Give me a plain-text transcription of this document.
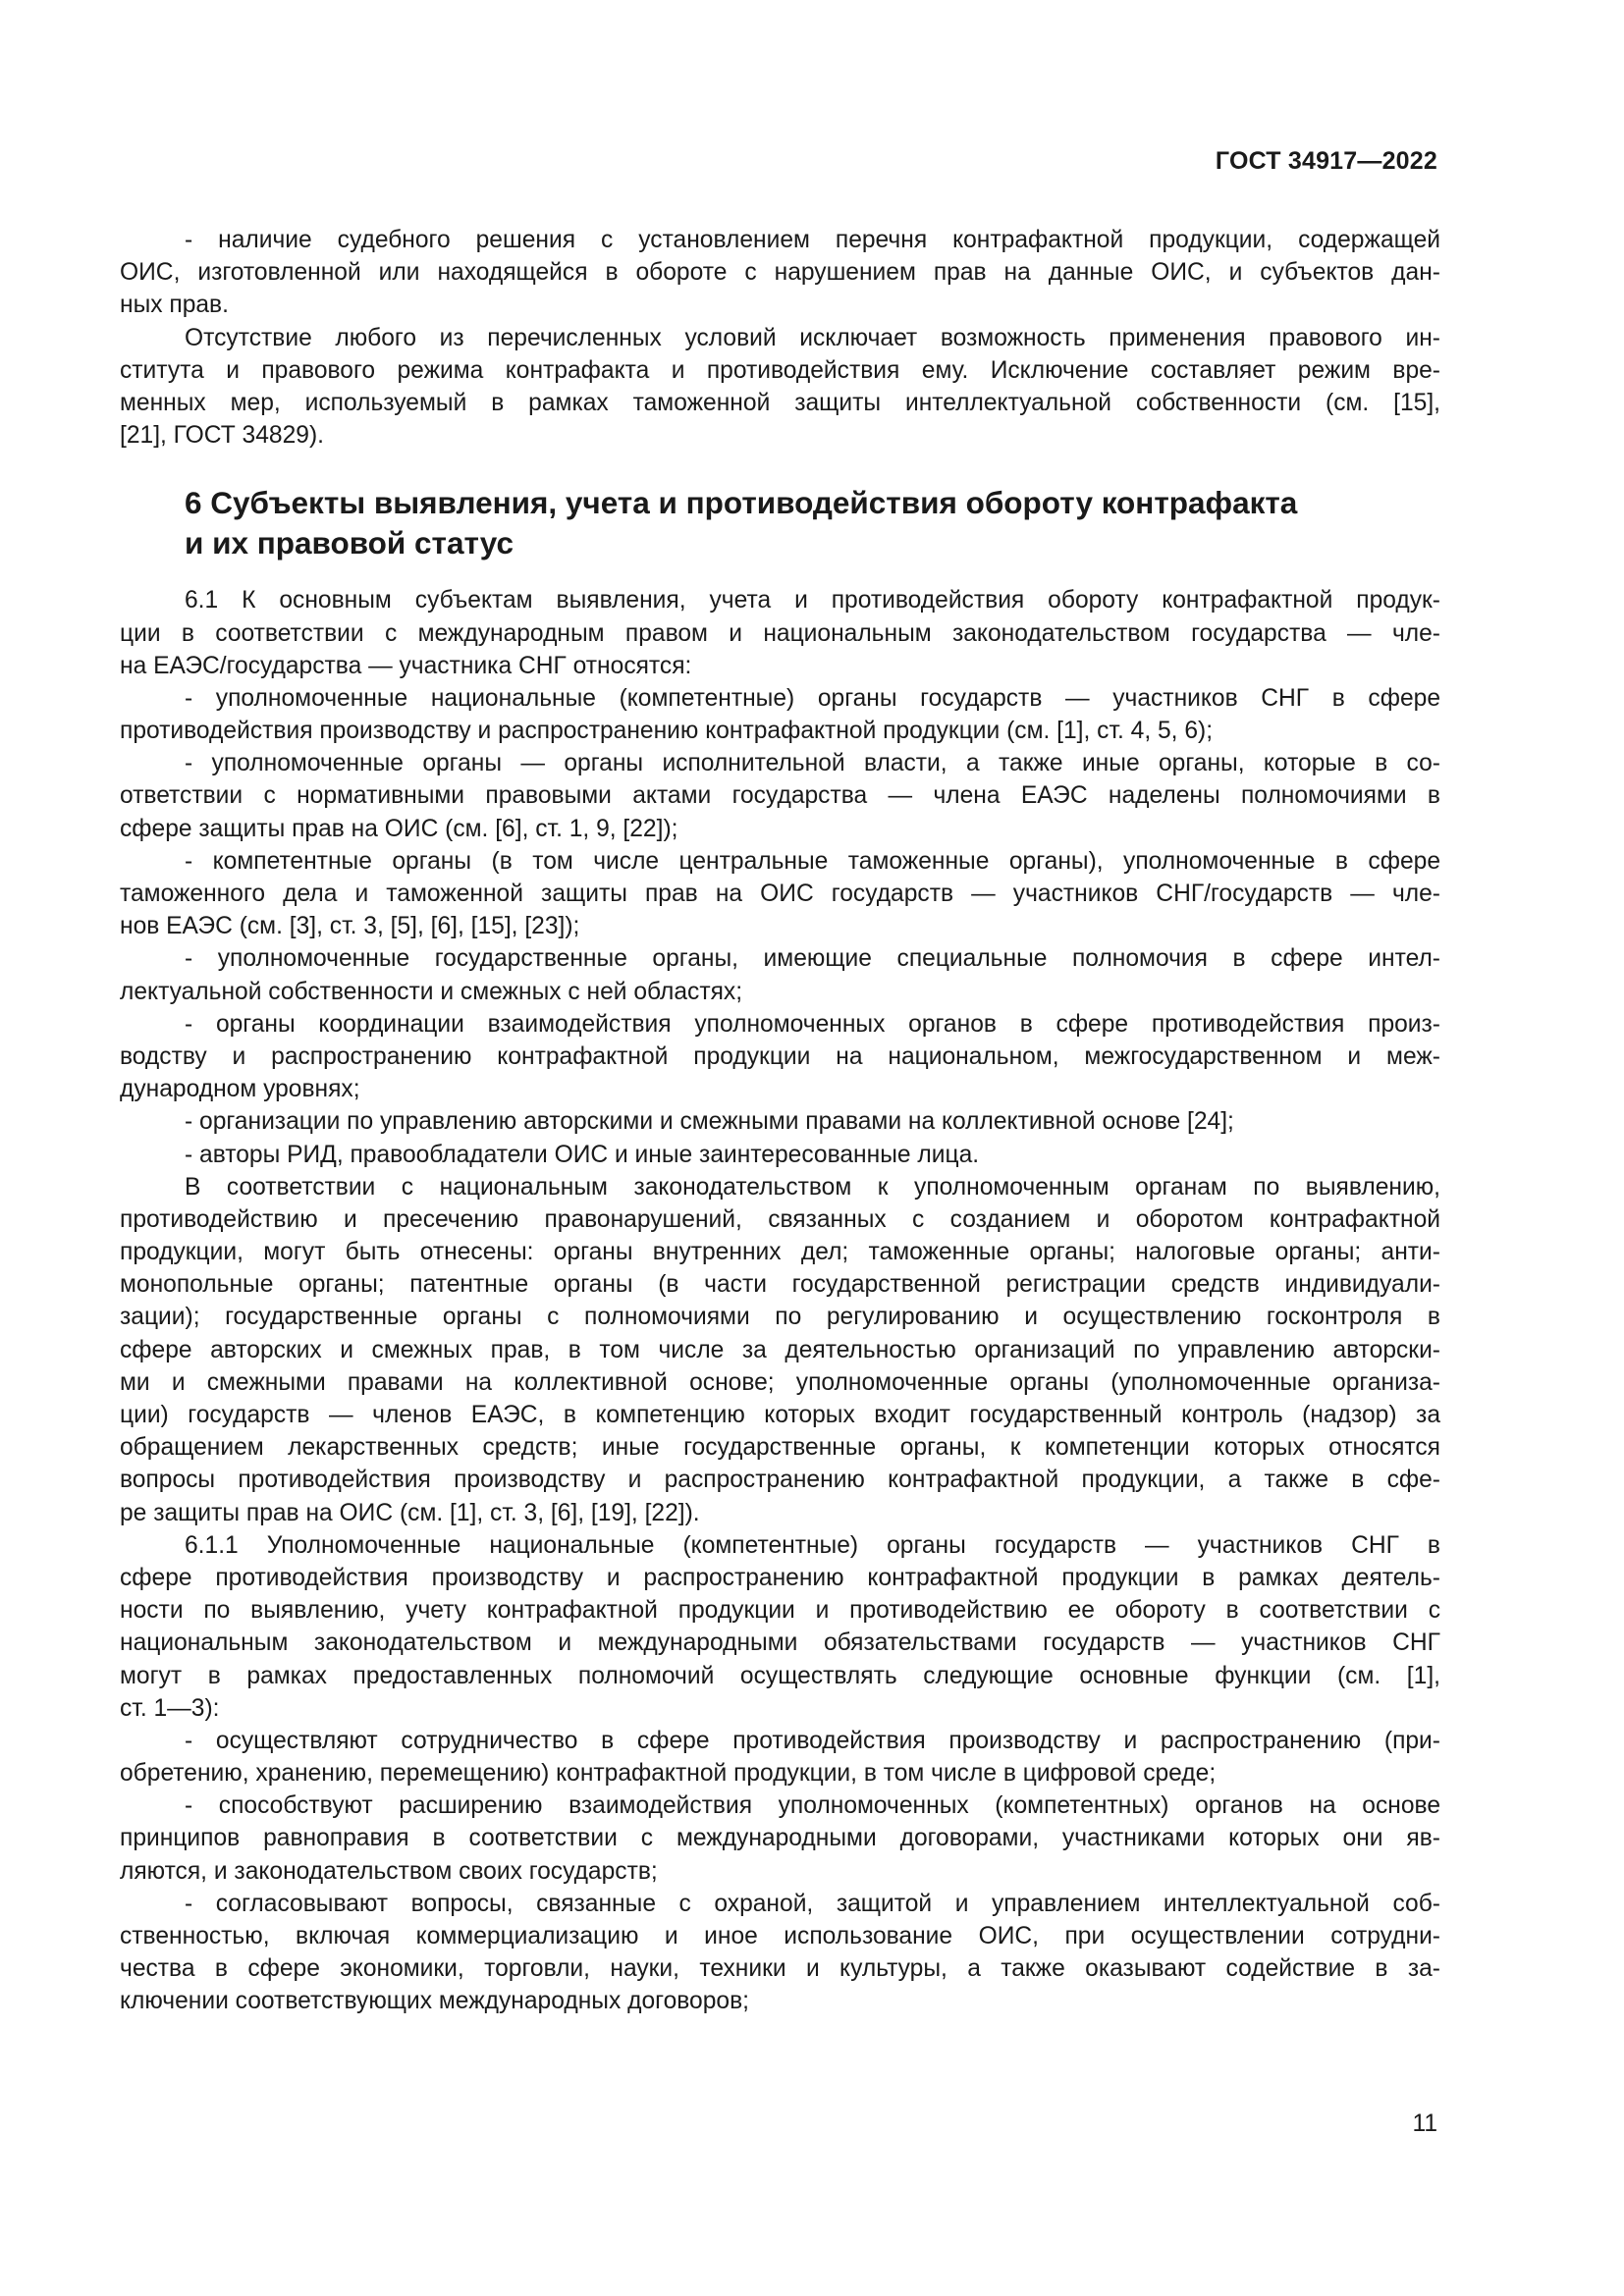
ГОСТ 34917—2022
- наличие судебного решения с установлением перечня контрафактной продукции, содержащей
ОИС, изготовленной или находящейся в обороте с нарушением прав на данные ОИС, и субъектов дан-
ных прав.
Отсутствие любого из перечисленных условий исключает возможность применения правового ин-
ститута и правового режима контрафакта и противодействия ему. Исключение составляет режим вре-
менных мер, используемый в рамках таможенной защиты интеллектуальной собственности (см. [15],
[21], ГОСТ 34829).
6 Субъекты выявления, учета и противодействия обороту контрафакта
и их правовой статус
6.1 К основным субъектам выявления, учета и противодействия обороту контрафактной продук-
ции в соответствии с международным правом и национальным законодательством государства — чле-
на ЕАЭС/государства — участника СНГ относятся:
- уполномоченные национальные (компетентные) органы государств — участников СНГ в сфере
противодействия производству и распространению контрафактной продукции (см. [1], ст. 4, 5, 6);
- уполномоченные органы — органы исполнительной власти, а также иные органы, которые в со-
ответствии с нормативными правовыми актами государства — члена ЕАЭС наделены полномочиями в
сфере защиты прав на ОИС (см. [6], ст. 1, 9, [22]);
- компетентные органы (в том числе центральные таможенные органы), уполномоченные в сфере
таможенного дела и таможенной защиты прав на ОИС государств — участников СНГ/государств — чле-
нов ЕАЭС (см. [3], ст. 3, [5], [6], [15], [23]);
- уполномоченные государственные органы, имеющие специальные полномочия в сфере интел-
лектуальной собственности и смежных с ней областях;
- органы координации взаимодействия уполномоченных органов в сфере противодействия произ-
водству и распространению контрафактной продукции на национальном, межгосударственном и меж-
дународном уровнях;
- организации по управлению авторскими и смежными правами на коллективной основе [24];
- авторы РИД, правообладатели ОИС и иные заинтересованные лица.
В соответствии с национальным законодательством к уполномоченным органам по выявлению,
противодействию и пресечению правонарушений, связанных с созданием и оборотом контрафактной
продукции, могут быть отнесены: органы внутренних дел; таможенные органы; налоговые органы; анти-
монопольные органы; патентные органы (в части государственной регистрации средств индивидуали-
зации); государственные органы с полномочиями по регулированию и осуществлению госконтроля в
сфере авторских и смежных прав, в том числе за деятельностью организаций по управлению авторски-
ми и смежными правами на коллективной основе; уполномоченные органы (уполномоченные организа-
ции) государств — членов ЕАЭС, в компетенцию которых входит государственный контроль (надзор) за
обращением лекарственных средств; иные государственные органы, к компетенции которых относятся
вопросы противодействия производству и распространению контрафактной продукции, а также в сфе-
ре защиты прав на ОИС (см. [1], ст. 3, [6], [19], [22]).
6.1.1 Уполномоченные национальные (компетентные) органы государств — участников СНГ в
сфере противодействия производству и распространению контрафактной продукции в рамках деятель-
ности по выявлению, учету контрафактной продукции и противодействию ее обороту в соответствии с
национальным законодательством и международными обязательствами государств — участников СНГ
могут в рамках предоставленных полномочий осуществлять следующие основные функции (см. [1],
ст. 1—3):
- осуществляют сотрудничество в сфере противодействия производству и распространению (при-
обретению, хранению, перемещению) контрафактной продукции, в том числе в цифровой среде;
- способствуют расширению взаимодействия уполномоченных (компетентных) органов на основе
принципов равноправия в соответствии с международными договорами, участниками которых они яв-
ляются, и законодательством своих государств;
- согласовывают вопросы, связанные с охраной, защитой и управлением интеллектуальной соб-
ственностью, включая коммерциализацию и иное использование ОИС, при осуществлении сотрудни-
чества в сфере экономики, торговли, науки, техники и культуры, а также оказывают содействие в за-
ключении соответствующих международных договоров;
11
